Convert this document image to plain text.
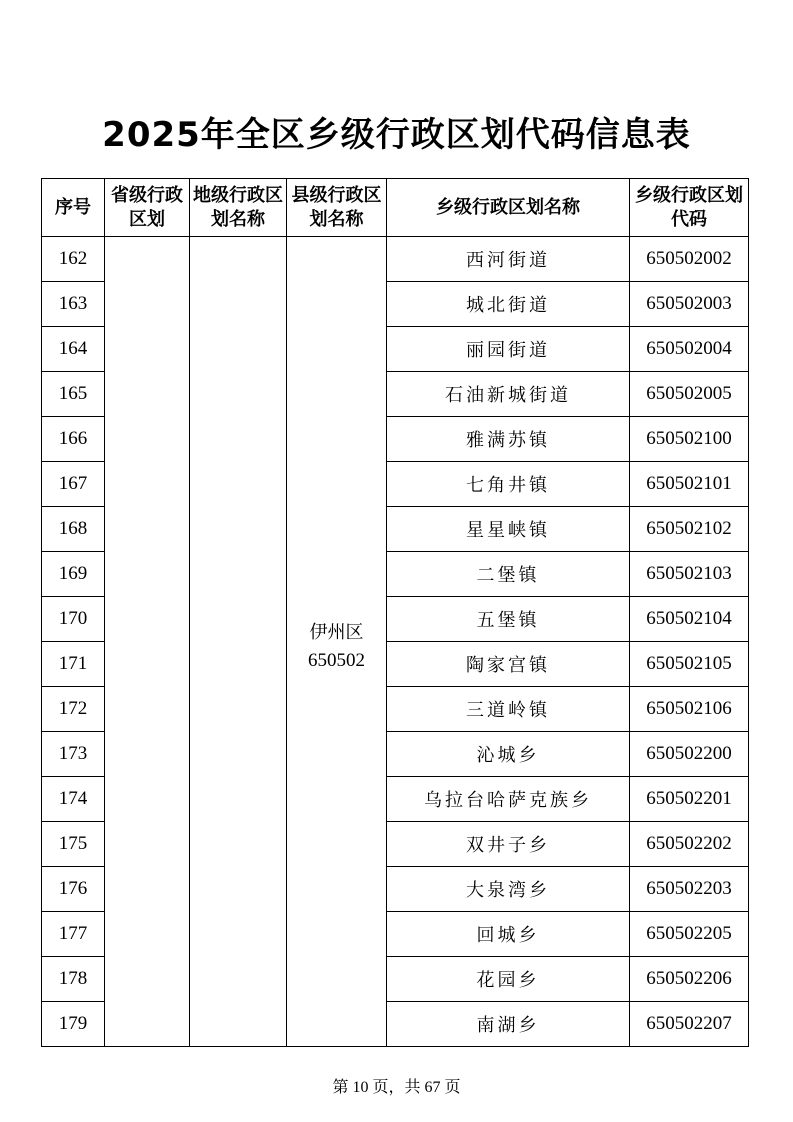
2025年全区乡级行政区划代码信息表
序号	省级行政区划	地级行政区划名称	县级行政区划名称	乡级行政区划名称	乡级行政区划代码
162			伊州区
650502	西河街道	650502002
163				城北街道	650502003
164				丽园街道	650502004
165				石油新城街道	650502005
166				雅满苏镇	650502100
167				七角井镇	650502101
168				星星峡镇	650502102
169				二堡镇	650502103
170				五堡镇	650502104
171				陶家宫镇	650502105
172				三道岭镇	650502106
173				沁城乡	650502200
174				乌拉台哈萨克族乡	650502201
175				双井子乡	650502202
176				大泉湾乡	650502203
177				回城乡	650502205
178				花园乡	650502206
179				南湖乡	650502207
第 10 页，共 67 页
